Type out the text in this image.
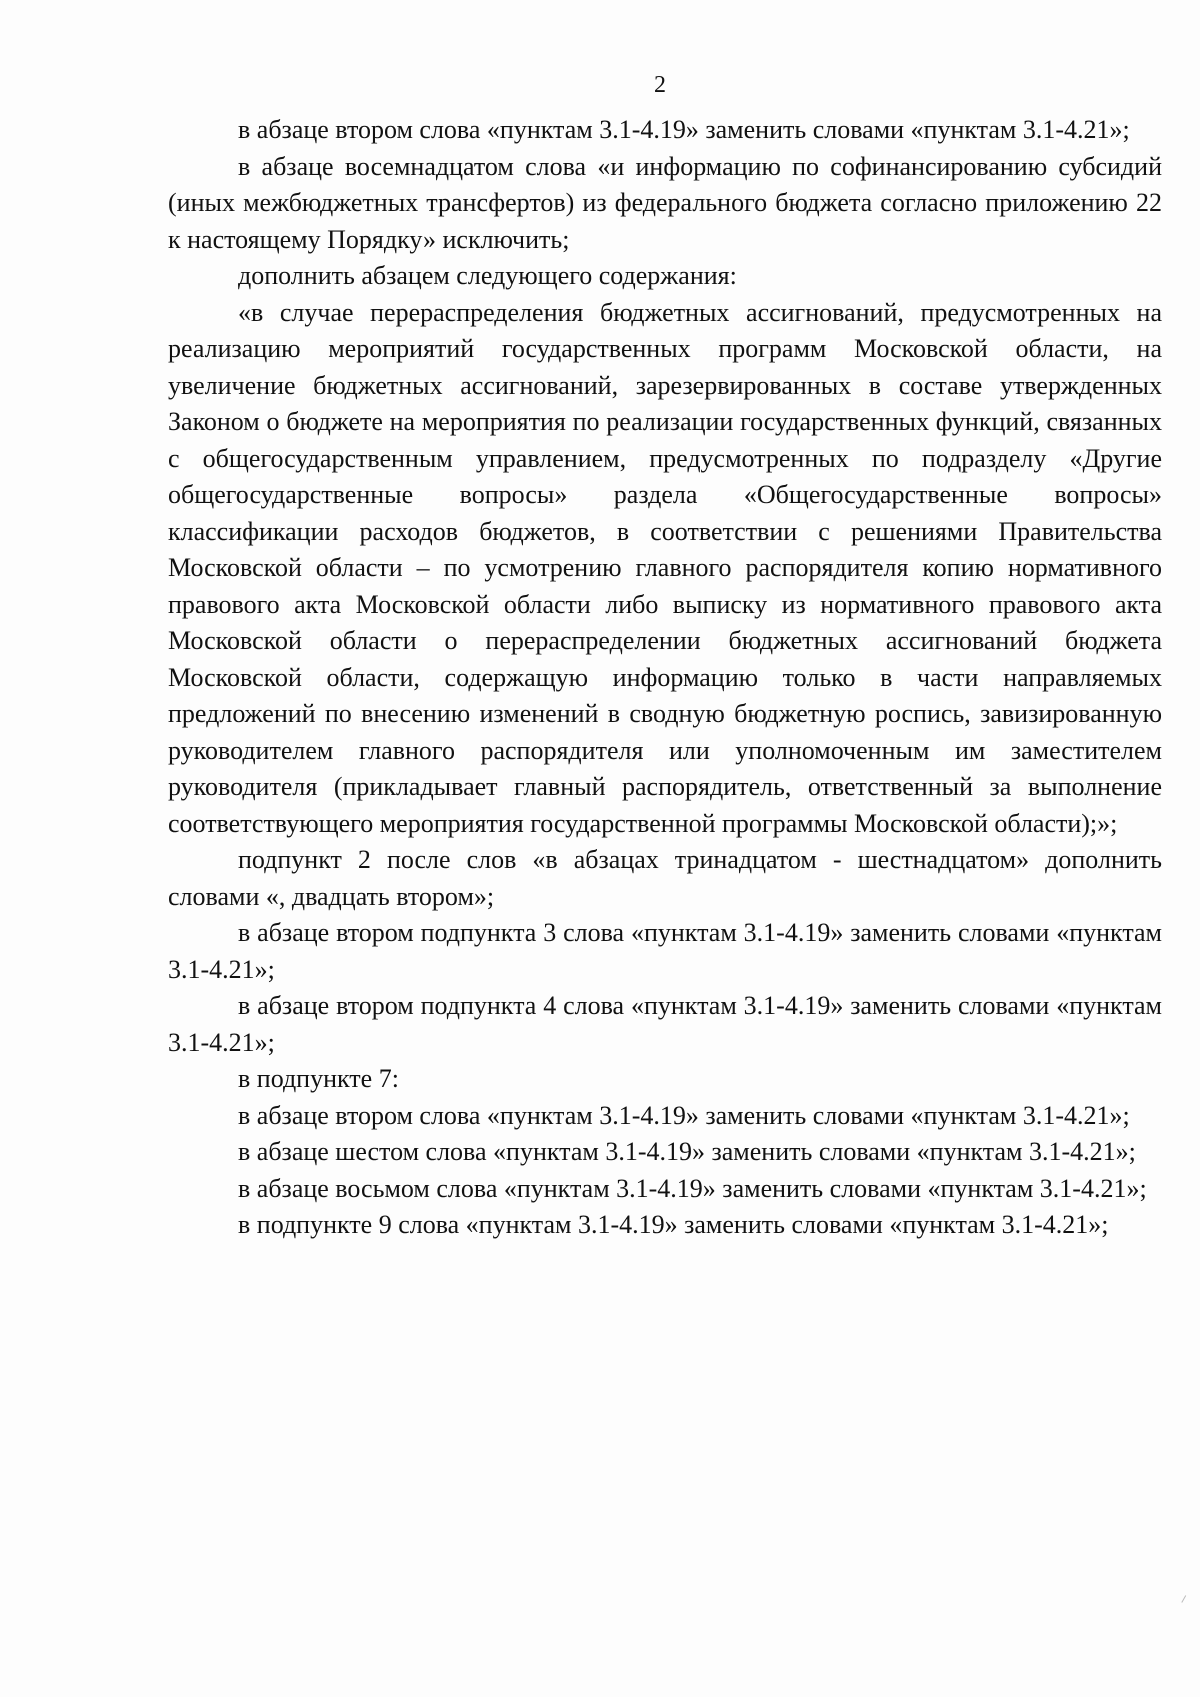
2

в абзаце втором слова «пунктам 3.1-4.19» заменить словами «пунктам 3.1-4.21»;

в абзаце восемнадцатом слова «и информацию по софинансированию субсидий (иных межбюджетных трансфертов) из федерального бюджета согласно приложению 22 к настоящему Порядку» исключить;

дополнить абзацем следующего содержания:

«в случае перераспределения бюджетных ассигнований, предусмотренных на реализацию мероприятий государственных программ Московской области, на увеличение бюджетных ассигнований, зарезервированных в составе утвержденных Законом о бюджете на мероприятия по реализации государственных функций, связанных с общегосударственным управлением, предусмотренных по подразделу «Другие общегосударственные вопросы» раздела «Общегосударственные вопросы» классификации расходов бюджетов, в соответствии с решениями Правительства Московской области – по усмотрению главного распорядителя копию нормативного правового акта Московской области либо выписку из нормативного правового акта Московской области о перераспределении бюджетных ассигнований бюджета Московской области, содержащую информацию только в части направляемых предложений по внесению изменений в сводную бюджетную роспись, завизированную руководителем главного распорядителя или уполномоченным им заместителем руководителя (прикладывает главный распорядитель, ответственный за выполнение соответствующего мероприятия государственной программы Московской области);»;

подпункт 2 после слов «в абзацах тринадцатом - шестнадцатом» дополнить словами «, двадцать втором»;

в абзаце втором подпункта 3 слова «пунктам 3.1-4.19» заменить словами «пунктам 3.1-4.21»;

в абзаце втором подпункта 4 слова «пунктам 3.1-4.19» заменить словами «пунктам 3.1-4.21»;

в подпункте 7:

в абзаце втором слова «пунктам 3.1-4.19» заменить словами «пунктам 3.1-4.21»;

в абзаце шестом слова «пунктам 3.1-4.19» заменить словами «пунктам 3.1-4.21»;

в абзаце восьмом слова «пунктам 3.1-4.19» заменить словами «пунктам 3.1-4.21»;

в подпункте 9 слова «пунктам 3.1-4.19» заменить словами «пунктам 3.1-4.21»;
